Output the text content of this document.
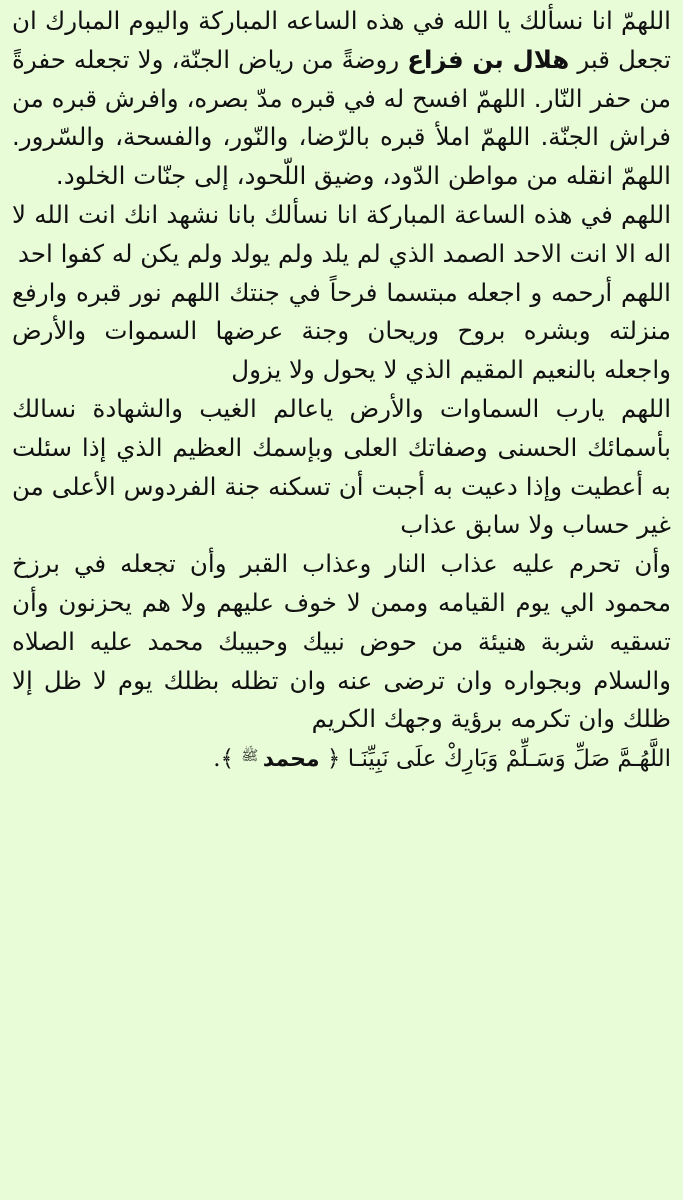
اللهمّ انا نسألك يا الله في هذه الساعه المباركة واليوم المبارك ان تجعل قبر هلال بن فزاع روضةً من رياض الجنّة، ولا تجعله حفرةً من حفر النّار. اللهمّ افسح له في قبره مدّ بصره، وافرش قبره من فراش الجنّة. اللهمّ املأ قبره بالرّضا، والنّور، والفسحة، والسّرور. اللهمّ انقله من مواطن الدّود، وضيق اللّحود، إلى جنّات الخلود.

اللهم في هذه الساعة المباركة انا نسألك بانا نشهد انك انت الله لا اله الا انت الاحد الصمد الذي لم يلد ولم يولد ولم يكن له كفوا احد

اللهم أرحمه و اجعله مبتسما فرحاً في جنتك اللهم نور قبره وارفع منزلته وبشره بروح وريحان وجنة عرضها السموات والأرض واجعله بالنعيم المقيم الذي لا يحول ولا يزول

اللهم يارب السماوات والأرض ياعالم الغيب والشهادة نسالك بأسمائك الحسنى وصفاتك العلى وبإسمك العظيم الذي إذا سئلت به أعطيت وإذا دعيت به أجبت أن تسكنه جنة الفردوس الأعلى من غير حساب ولا سابق عذاب

وأن تحرم عليه عذاب النار وعذاب القبر وأن تجعله في برزخ محمود الي يوم القيامه وممن لا خوف عليهم ولا هم يحزنون وأن تسقيه شربة هنيئة من حوض نبيك وحبيبك محمد عليه الصلاه والسلام وبجواره وان ترضى عنه وان تظله بظلك يوم لا ظل إلا ظلك وان تكرمه برؤية وجهك الكريم

اللَّهُـمَّ صَلِّ وَسَـلِّمْ وَبَارِكْ علَى نَبِيِّنَـا ﴿ محمد $^ﷺ$ ﴾.
